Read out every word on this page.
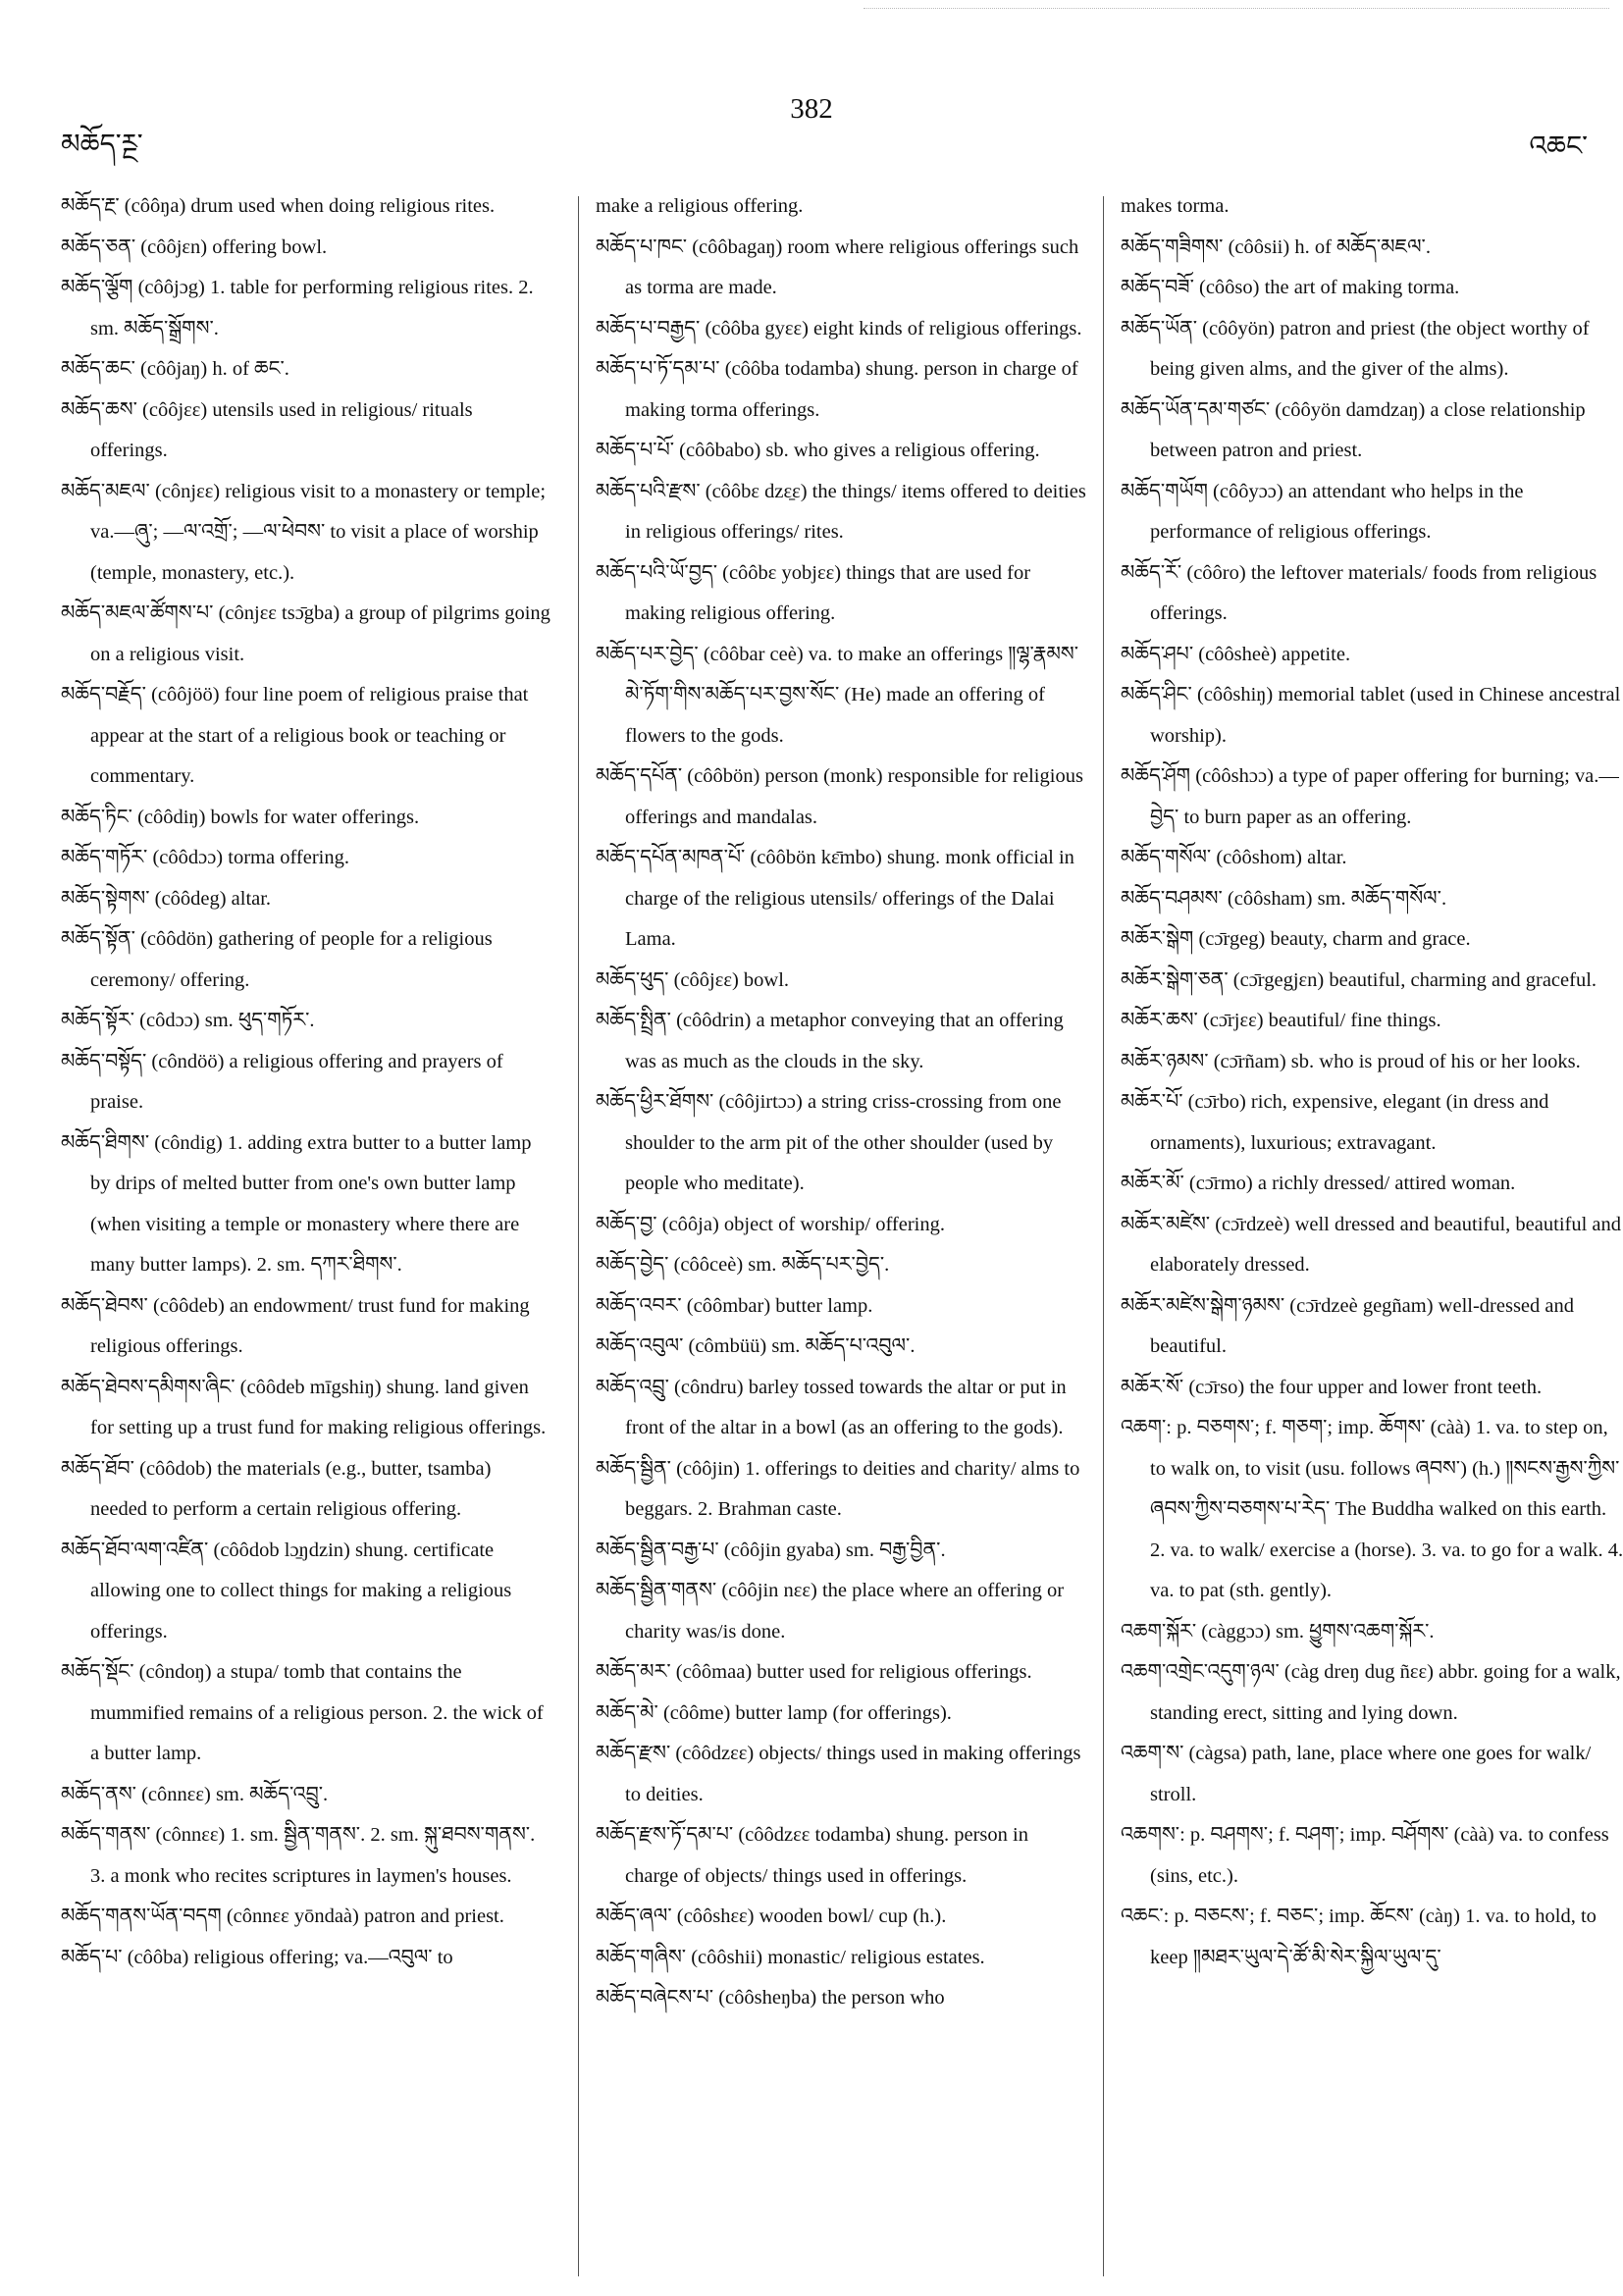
མཆོད་ཪྔ་
382
འཆང་

མཆོད་རྔ་ (côôŋa) drum used when doing religious rites.

མཆོད་ཅན་ (côôjɛn) offering bowl.

མཆོད་ལྕོག (côôjɔg) 1. table for performing religious rites. 2. sm. མཆོད་སྒྲོགས་.

མཆོད་ཆང་ (côôjaŋ) h. of ཆང་.

མཆོད་ཆས་ (côôjɛɛ) utensils used in religious/ rituals offerings.

མཆོད་མཇལ་ (cônjɛɛ) religious visit to a monastery or temple; va.—ཞུ་; —ལ་འགྲོ་; —ལ་ཕེབས་ to visit a place of worship (temple, monastery, etc.).

མཆོད་མཇལ་ཚོགས་པ་ (cônjɛɛ tsɔ̄gba) a group of pilgrims going on a religious visit.

མཆོད་བརྗོད་ (côôjöö) four line poem of religious praise that appear at the start of a religious book or teaching or commentary.

མཆོད་ཏིང་ (côôdiŋ) bowls for water offerings.

མཆོད་གཏོར་ (côôdɔɔ) torma offering.

མཆོད་སྟེགས་ (côôdeg) altar.

མཆོད་སྟོན་ (côôdön) gathering of people for a religious ceremony/ offering.

མཆོད་སྟོར་ (côdɔɔ) sm. ཕུད་གཏོར་.

མཆོད་བསྟོད་ (côndöö) a religious offering and prayers of praise.

མཆོད་ཐིགས་ (côndig) 1. adding extra butter to a butter lamp by drips of melted butter from one's own butter lamp (when visiting a temple or monastery where there are many butter lamps). 2. sm. དཀར་ཐིགས་.

མཆོད་ཐེབས་ (côôdeb) an endowment/ trust fund for making religious offerings.

མཆོད་ཐེབས་དམིགས་ཞིང་ (côôdeb mīgshiŋ) shung. land given for setting up a trust fund for making religious offerings.

མཆོད་ཐོབ་ (côôdob) the materials (e.g., butter, tsamba) needed to perform a certain religious offering.

མཆོད་ཐོབ་ལག་འཛིན་ (côôdob lɔ̱ŋdzin) shung. certificate allowing one to collect things for making a religious offerings.

མཆོད་སྡོང་ (côndoŋ) a stupa/ tomb that contains the mummified remains of a religious person. 2. the wick of a butter lamp.

མཆོད་ནས་ (cônnɛɛ) sm. མཆོད་འབྲུ་.

མཆོད་གནས་ (cônnɛɛ) 1. sm. སྦྱིན་གནས་. 2. sm. སྐུ་ཐབས་གནས་. 3. a monk who recites scriptures in laymen's houses.

མཆོད་གནས་ཡོན་བདག (cônnɛɛ yōndaà) patron and priest.

མཆོད་པ་ (côôba) religious offering; va.—འབུལ་ to

make a religious offering.

མཆོད་པ་ཁང་ (côôbagaŋ) room where religious offerings such as torma are made.

མཆོད་པ་བརྒྱད་ (côôba gyɛɛ) eight kinds of religious offerings.

མཆོད་པ་ཏོ་དམ་པ་ (côôba todamba) shung. person in charge of making torma offerings.

མཆོད་པ་པོ་ (côôbabo) sb. who gives a religious offering.

མཆོད་པའི་རྫས་ (côôbɛ dzɛ̱ɛ) the things/ items offered to deities in religious offerings/ rites.

མཆོད་པའི་ཡོ་བྱད་ (côôbɛ yobjɛɛ) things that are used for making religious offering.

མཆོད་པར་བྱེད་ (côôbar ceè) va. to make an offerings ༎ལྷ་རྣམས་མེ་ཏོག་གིས་མཆོད་པར་བྱས་སོང་ (He) made an offering of flowers to the gods.

མཆོད་དཔོན་ (côôbön) person (monk) responsible for religious offerings and mandalas.

མཆོད་དཔོན་མཁན་པོ་ (côôbön kɛ̄mbo) shung. monk official in charge of the religious utensils/ offerings of the Dalai Lama.

མཆོད་ཕུད་ (côôjɛɛ) bowl.

མཆོད་སྤྲིན་ (côôdrin) a metaphor conveying that an offering was as much as the clouds in the sky.

མཆོད་ཕྱིར་ཐོགས་ (côôjirtɔɔ) a string criss-crossing from one shoulder to the arm pit of the other shoulder (used by people who meditate).

མཆོད་བྱ་ (côôja) object of worship/ offering.

མཆོད་བྱེད་ (côôceè) sm. མཆོད་པར་བྱེད་.

མཆོད་འབར་ (côômbar) butter lamp.

མཆོད་འབུལ་ (cômbüü) sm. མཆོད་པ་འབུལ་.

མཆོད་འབྲུ་ (côndru) barley tossed towards the altar or put in front of the altar in a bowl (as an offering to the gods).

མཆོད་སྦྱིན་ (côôjin) 1. offerings to deities and charity/ alms to beggars. 2. Brahman caste.

མཆོད་སྦྱིན་བརྒྱ་པ་ (côôjin gyaba) sm. བརྒྱ་བྱིན་.

མཆོད་སྦྱིན་གནས་ (côôjin nɛɛ) the place where an offering or charity was/is done.

མཆོད་མར་ (côômaa) butter used for religious offerings.

མཆོད་མེ་ (côôme) butter lamp (for offerings).

མཆོད་རྫས་ (côôdzɛɛ) objects/ things used in making offerings to deities.

མཆོད་རྫས་ཏོ་དམ་པ་ (côôdzɛɛ todamba) shung. person in charge of objects/ things used in offerings.

མཆོད་ཞལ་ (côôshɛɛ) wooden bowl/ cup (h.).

མཆོད་གཞིས་ (côôshii) monastic/ religious estates.

མཆོད་བཞེངས་པ་ (côôsheŋba) the person who

makes torma.

མཆོད་གཟིགས་ (côôsii) h. of མཆོད་མཇལ་.

མཆོད་བཟོ་ (côôso) the art of making torma.

མཆོད་ཡོན་ (côôyön) patron and priest (the object worthy of being given alms, and the giver of the alms).

མཆོད་ཡོན་དམ་གཙང་ (côôyön damdzaŋ) a close relationship between patron and priest.

མཆོད་གཡོག (côôyɔɔ) an attendant who helps in the performance of religious offerings.

མཆོད་རོ་ (côôro) the leftover materials/ foods from religious offerings.

མཆོད་ཤཔ་ (côôsheè) appetite.

མཆོད་ཤིང་ (côôshiŋ) memorial tablet (used in Chinese ancestral worship).

མཆོད་ཤོག (côôshɔɔ) a type of paper offering for burning; va.—བྱེད་ to burn paper as an offering.

མཆོད་གསོལ་ (côôshom) altar.

མཆོད་བཤམས་ (côôsham) sm. མཆོད་གསོལ་.

མཆོར་སྒེག (cɔ̄rgeg) beauty, charm and grace.

མཆོར་སྒེག་ཅན་ (cɔ̄rgegjɛn) beautiful, charming and graceful.

མཆོར་ཆས་ (cɔ̄rjɛɛ) beautiful/ fine things.

མཆོར་ཉམས་ (cɔ̄rñam) sb. who is proud of his or her looks.

མཆོར་པོ་ (cɔ̄rbo) rich, expensive, elegant (in dress and ornaments), luxurious; extravagant.

མཆོར་མོ་ (cɔ̄rmo) a richly dressed/ attired woman.

མཆོར་མཛེས་ (cɔ̄rdzeè) well dressed and beautiful, beautiful and elaborately dressed.

མཆོར་མཛེས་སྒེག་ཉམས་ (cɔ̄rdzeè gegñam) well-dressed and beautiful.

མཆོར་སོ་ (cɔ̄rso) the four upper and lower front teeth.

འཆག་: p. བཅགས་; f. གཅག་; imp. ཆོགས་ (càà) 1. va. to step on, to walk on, to visit (usu. follows ཞབས་) (h.) ༎སངས་རྒྱས་ཀྱིས་ཞབས་ཀྱིས་བཅགས་པ་རེད་ The Buddha walked on this earth. 2. va. to walk/ exercise a (horse). 3. va. to go for a walk. 4. va. to pat (sth. gently).

འཆག་སྐོར་ (càggɔɔ) sm. ཕྱུགས་འཆག་སྐོར་.

འཆག་འགྲེང་འདུག་ཉལ་ (càg dreŋ dug ñɛɛ) abbr. going for a walk, standing erect, sitting and lying down.

འཆག་ས་ (càgsa) path, lane, place where one goes for walk/ stroll.

འཆགས་: p. བཤགས་; f. བཤག་; imp. བཤོགས་ (càà) va. to confess (sins, etc.).

འཆང་: p. བཅངས་; f. བཅང་; imp. ཆོངས་ (càŋ) 1. va. to hold, to keep ༎མཐར་ཡུལ་དེ་ཚོ་མི་སེར་སྐྱིལ་ཡུལ་དུ་
